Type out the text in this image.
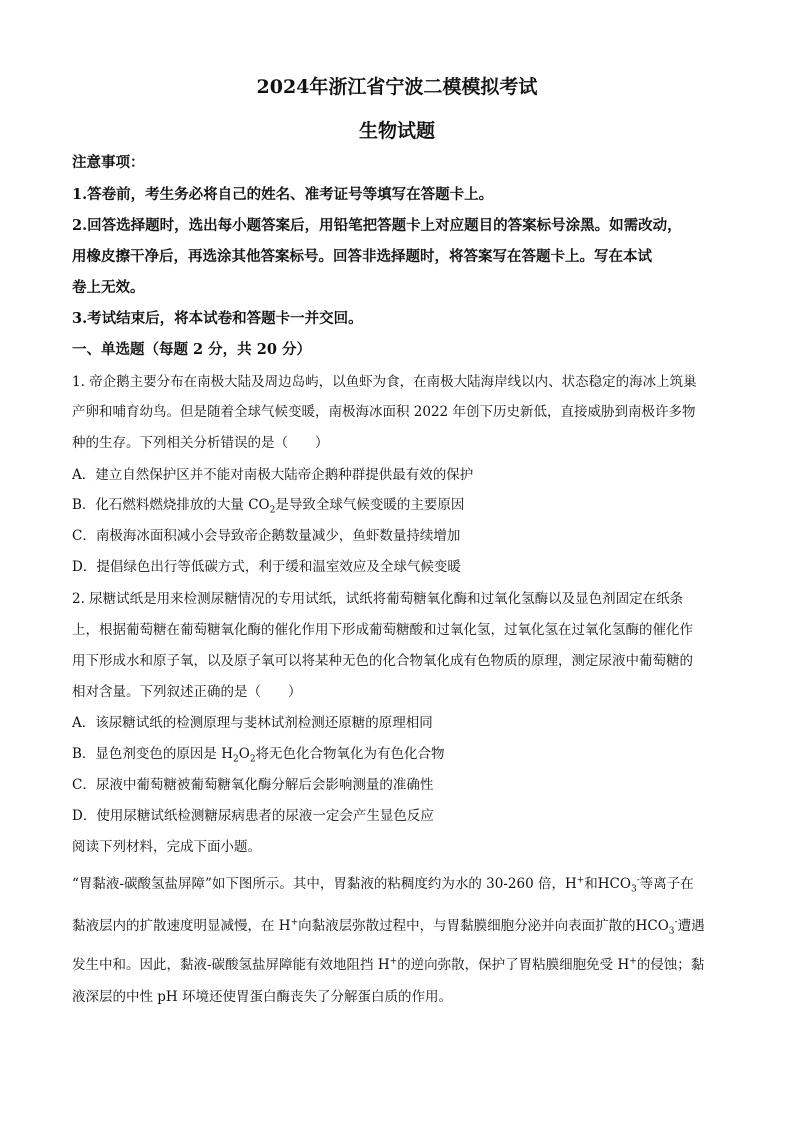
2024年浙江省宁波二模模拟考试
生物试题
注意事项：
1.答卷前，考生务必将自己的姓名、准考证号等填写在答题卡上。
2.回答选择题时，选出每小题答案后，用铅笔把答题卡上对应题目的答案标号涂黑。如需改动，
用橡皮擦干净后，再选涂其他答案标号。回答非选择题时，将答案写在答题卡上。写在本试
卷上无效。
3.考试结束后，将本试卷和答题卡一并交回。
一、单选题（每题 2 分，共 20 分）
1. 帝企鹅主要分布在南极大陆及周边岛屿，以鱼虾为食，在南极大陆海岸线以内、状态稳定的海冰上筑巢
产卵和哺育幼鸟。但是随着全球气候变暖，南极海冰面积 2022 年创下历史新低，直接威胁到南极许多物
种的生存。下列相关分析错误的是（　　）
A．建立自然保护区并不能对南极大陆帝企鹅种群提供最有效的保护
B．化石燃料燃烧排放的大量 $CO_2$是导致全球气候变暖的主要原因
C．南极海冰面积减小会导致帝企鹅数量减少，鱼虾数量持续增加
D．提倡绿色出行等低碳方式，利于缓和温室效应及全球气候变暖
2. 尿糖试纸是用来检测尿糖情况的专用试纸，试纸将葡萄糖氧化酶和过氧化氢酶以及显色剂固定在纸条
上，根据葡萄糖在葡萄糖氧化酶的催化作用下形成葡萄糖酸和过氧化氢，过氧化氢在过氧化氢酶的催化作
用下形成水和原子氧，以及原子氧可以将某种无色的化合物氧化成有色物质的原理，测定尿液中葡萄糖的
相对含量。下列叙述正确的是（　　）
A．该尿糖试纸的检测原理与斐林试剂检测还原糖的原理相同
B．显色剂变色的原因是 $H_2O_2$将无色化合物氧化为有色化合物
C．尿液中葡萄糖被葡萄糖氧化酶分解后会影响测量的准确性
D．使用尿糖试纸检测糖尿病患者的尿液一定会产生显色反应
阅读下列材料，完成下面小题。
“胃黏液-碳酸氢盐屏障”如下图所示。其中，胃黏液的粘稠度约为水的 30-260 倍，H+和$HCO_3^-$等离子在
黏液层内的扩散速度明显减慢，在 H+向黏液层弥散过程中，与胃黏膜细胞分泌并向表面扩散的$HCO_3^-$遭遇
发生中和。因此，黏液-碳酸氢盐屏障能有效地阻挡 H+的逆向弥散，保护了胃粘膜细胞免受 H+的侵蚀；黏
液深层的中性 pH 环境还使胃蛋白酶丧失了分解蛋白质的作用。
